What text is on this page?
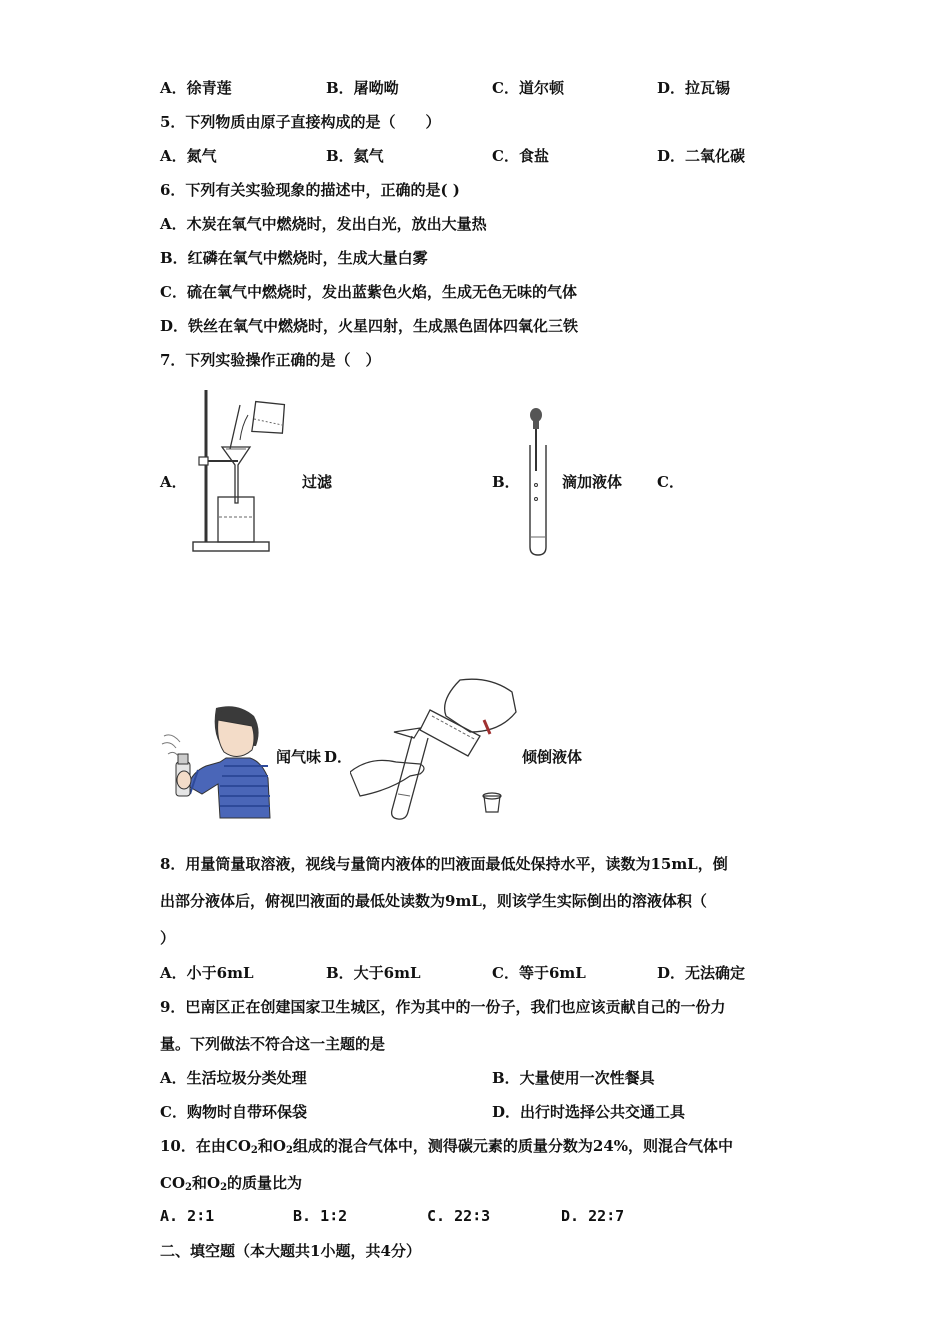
A．徐青莲	B．屠呦呦	C．道尔顿	D．拉瓦锡
5．下列物质由原子直接构成的是（　　）
A．氮气	B．氦气	C．食盐	D．二氧化碳
6．下列有关实验现象的描述中，正确的是( )
A．木炭在氧气中燃烧时，发出白光，放出大量热
B．红磷在氧气中燃烧时，生成大量白雾
C．硫在氧气中燃烧时，发出蓝紫色火焰，生成无色无味的气体
D．铁丝在氧气中燃烧时，火星四射，生成黑色固体四氧化三铁
7．下列实验操作正确的是（　）
A．	过滤	B．	滴加液体 C．
闻气味 D．	倾倒液体
8．用量筒量取溶液，视线与量筒内液体的凹液面最低处保持水平，读数为15mL，倒
出部分液体后，俯视凹液面的最低处读数为9mL，则该学生实际倒出的溶液体积（
）
A．小于6mL	B．大于6mL	C．等于6mL	D．无法确定
9．巴南区正在创建国家卫生城区，作为其中的一份子，我们也应该贡献自己的一份力
量。下列做法不符合这一主题的是
A．生活垃圾分类处理	B．大量使用一次性餐具
C．购物时自带环保袋	D．出行时选择公共交通工具
10．在由$CO_2$和$O_2$组成的混合气体中，测得碳元素的质量分数为24%，则混合气体中
$CO_2$和$O_2$的质量比为
A. 2∶1	B. 1∶2	C. 22∶3	D. 22∶7
二、填空题（本大题共1小题，共4分）
